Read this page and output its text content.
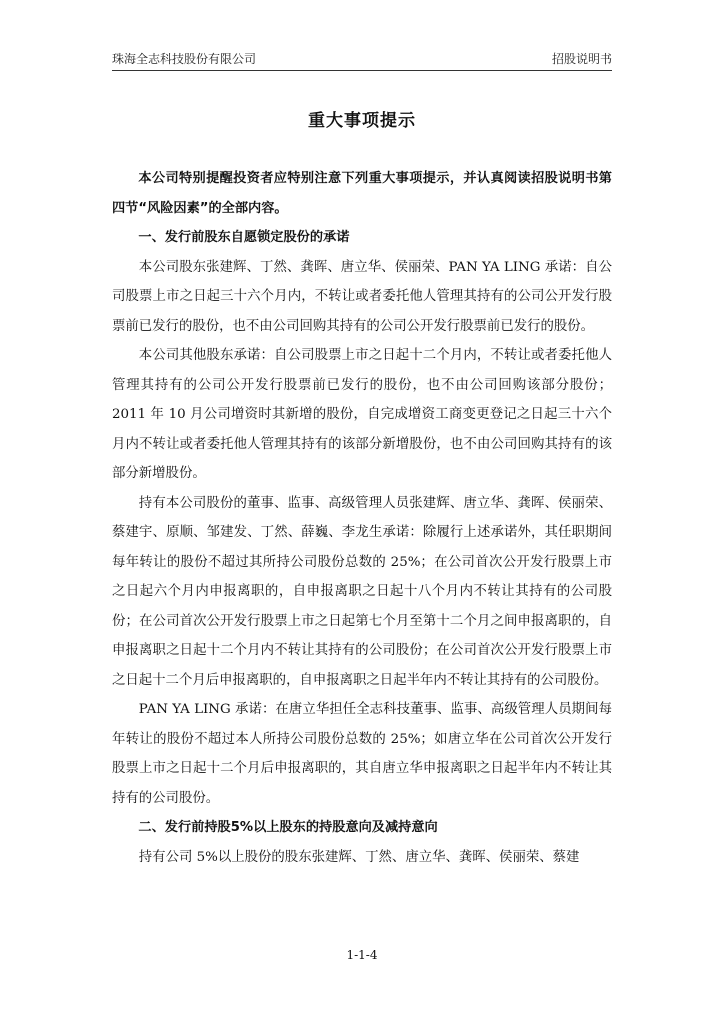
珠海全志科技股份有限公司	招股说明书
重大事项提示

本公司特别提醒投资者应特别注意下列重大事项提示，并认真阅读招股说明书第四节“风险因素”的全部内容。

一、发行前股东自愿锁定股份的承诺

本公司股东张建辉、丁然、龚晖、唐立华、侯丽荣、PAN YA LING 承诺：自公司股票上市之日起三十六个月内，不转让或者委托他人管理其持有的公司公开发行股票前已发行的股份，也不由公司回购其持有的公司公开发行股票前已发行的股份。

本公司其他股东承诺：自公司股票上市之日起十二个月内，不转让或者委托他人管理其持有的公司公开发行股票前已发行的股份，也不由公司回购该部分股份；2011 年 10 月公司增资时其新增的股份，自完成增资工商变更登记之日起三十六个月内不转让或者委托他人管理其持有的该部分新增股份，也不由公司回购其持有的该部分新增股份。

持有本公司股份的董事、监事、高级管理人员张建辉、唐立华、龚晖、侯丽荣、蔡建宇、原顺、邹建发、丁然、薛巍、李龙生承诺：除履行上述承诺外，其任职期间每年转让的股份不超过其所持公司股份总数的 25%；在公司首次公开发行股票上市之日起六个月内申报离职的，自申报离职之日起十八个月内不转让其持有的公司股份；在公司首次公开发行股票上市之日起第七个月至第十二个月之间申报离职的，自申报离职之日起十二个月内不转让其持有的公司股份；在公司首次公开发行股票上市之日起十二个月后申报离职的，自申报离职之日起半年内不转让其持有的公司股份。

PAN YA LING 承诺：在唐立华担任全志科技董事、监事、高级管理人员期间每年转让的股份不超过本人所持公司股份总数的 25%；如唐立华在公司首次公开发行股票上市之日起十二个月后申报离职的，其自唐立华申报离职之日起半年内不转让其持有的公司股份。

二、发行前持股5%以上股东的持股意向及减持意向

持有公司 5%以上股份的股东张建辉、丁然、唐立华、龚晖、侯丽荣、蔡建

1-1-4
